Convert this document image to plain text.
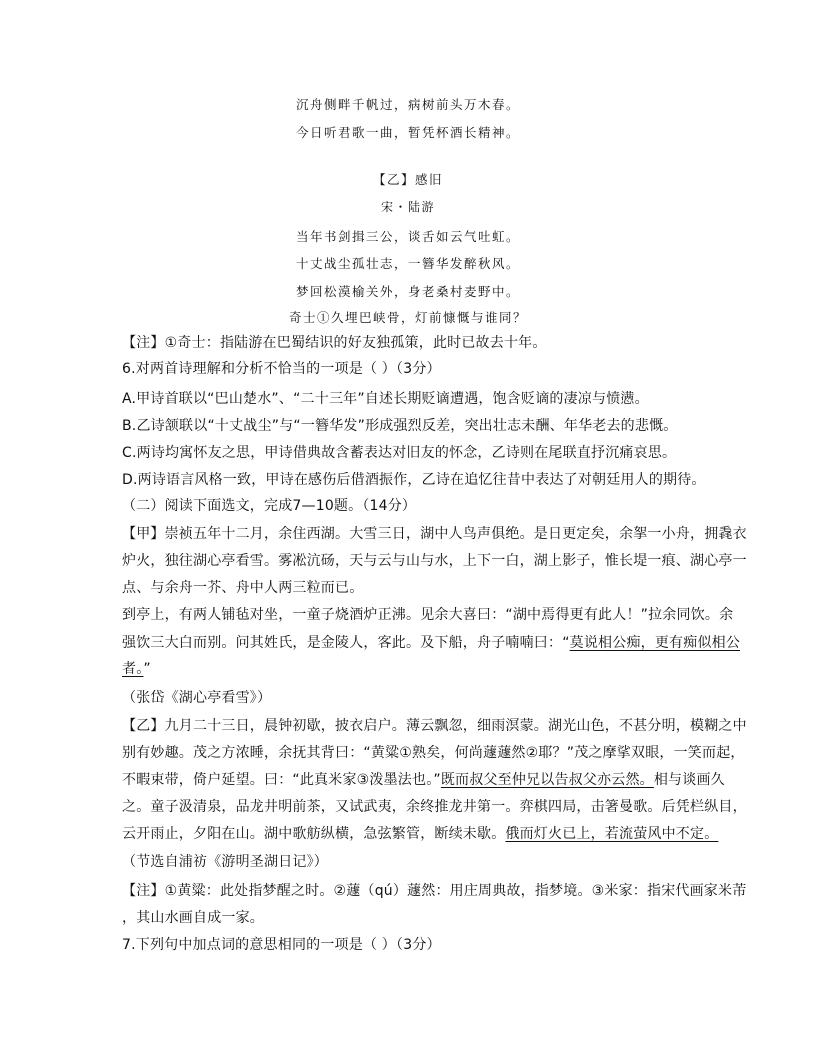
沉舟侧畔千帆过，病树前头万木春。
今日听君歌一曲，暂凭杯酒长精神。
【乙】感旧
宋・陆游
当年书剑揖三公，谈舌如云气吐虹。
十丈战尘孤壮志，一簪华发醉秋风。
梦回松漠榆关外，身老桑村麦野中。
奇士①久埋巴峡骨，灯前慷慨与谁同？
【注】①奇士：指陆游在巴蜀结识的好友独孤策，此时已故去十年。
6.对两首诗理解和分析不恰当的一项是（ ）（3分）
A.甲诗首联以“巴山楚水”、“二十三年”自述长期贬谪遭遇，饱含贬谪的凄凉与愤懑。
B.乙诗颔联以“十丈战尘”与“一簪华发”形成强烈反差，突出壮志未酬、年华老去的悲慨。
C.两诗均寓怀友之思，甲诗借典故含蓄表达对旧友的怀念，乙诗则在尾联直抒沉痛哀思。
D.两诗语言风格一致，甲诗在感伤后借酒振作，乙诗在追忆往昔中表达了对朝廷用人的期待。
（二）阅读下面选文，完成7—10题。（14分）
【甲】崇祯五年十二月，余住西湖。大雪三日，湖中人鸟声俱绝。是日更定矣，余挐一小舟，拥毳衣
炉火，独往湖心亭看雪。雾凇沆砀，天与云与山与水，上下一白，湖上影子，惟长堤一痕、湖心亭一
点、与余舟一芥、舟中人两三粒而已。
到亭上，有两人铺毡对坐，一童子烧酒炉正沸。见余大喜曰：“湖中焉得更有此人！”拉余同饮。余
强饮三大白而别。问其姓氏，是金陵人，客此。及下船，舟子喃喃曰：“莫说相公痴，更有痴似相公
者。”
（张岱《湖心亭看雪》）
【乙】九月二十三日，晨钟初歇，披衣启户。薄云飘忽，细雨溟蒙。湖光山色，不甚分明，模糊之中
别有妙趣。茂之方浓睡，余抚其背曰：“黄粱①熟矣，何尚蘧蘧然②耶？”茂之摩挲双眼，一笑而起，
不暇束带，倚户延望。曰：“此真米家③泼墨法也。”既而叔父至仲兄以告叔父亦云然。相与谈画久
之。童子汲清泉，品龙井明前茶，又试武夷，余终推龙井第一。弈棋四局，击箸曼歌。后凭栏纵目，
云开雨止，夕阳在山。湖中歌舫纵横，急弦繁管，断续未歇。俄而灯火已上，若流萤风中不定。
（节选自浦祊《游明圣湖日记》）
【注】①黄粱：此处指梦醒之时。②蘧（qú）蘧然：用庄周典故，指梦境。③米家：指宋代画家米芾
，其山水画自成一家。
7.下列句中加点词的意思相同的一项是（ ）（3分）
